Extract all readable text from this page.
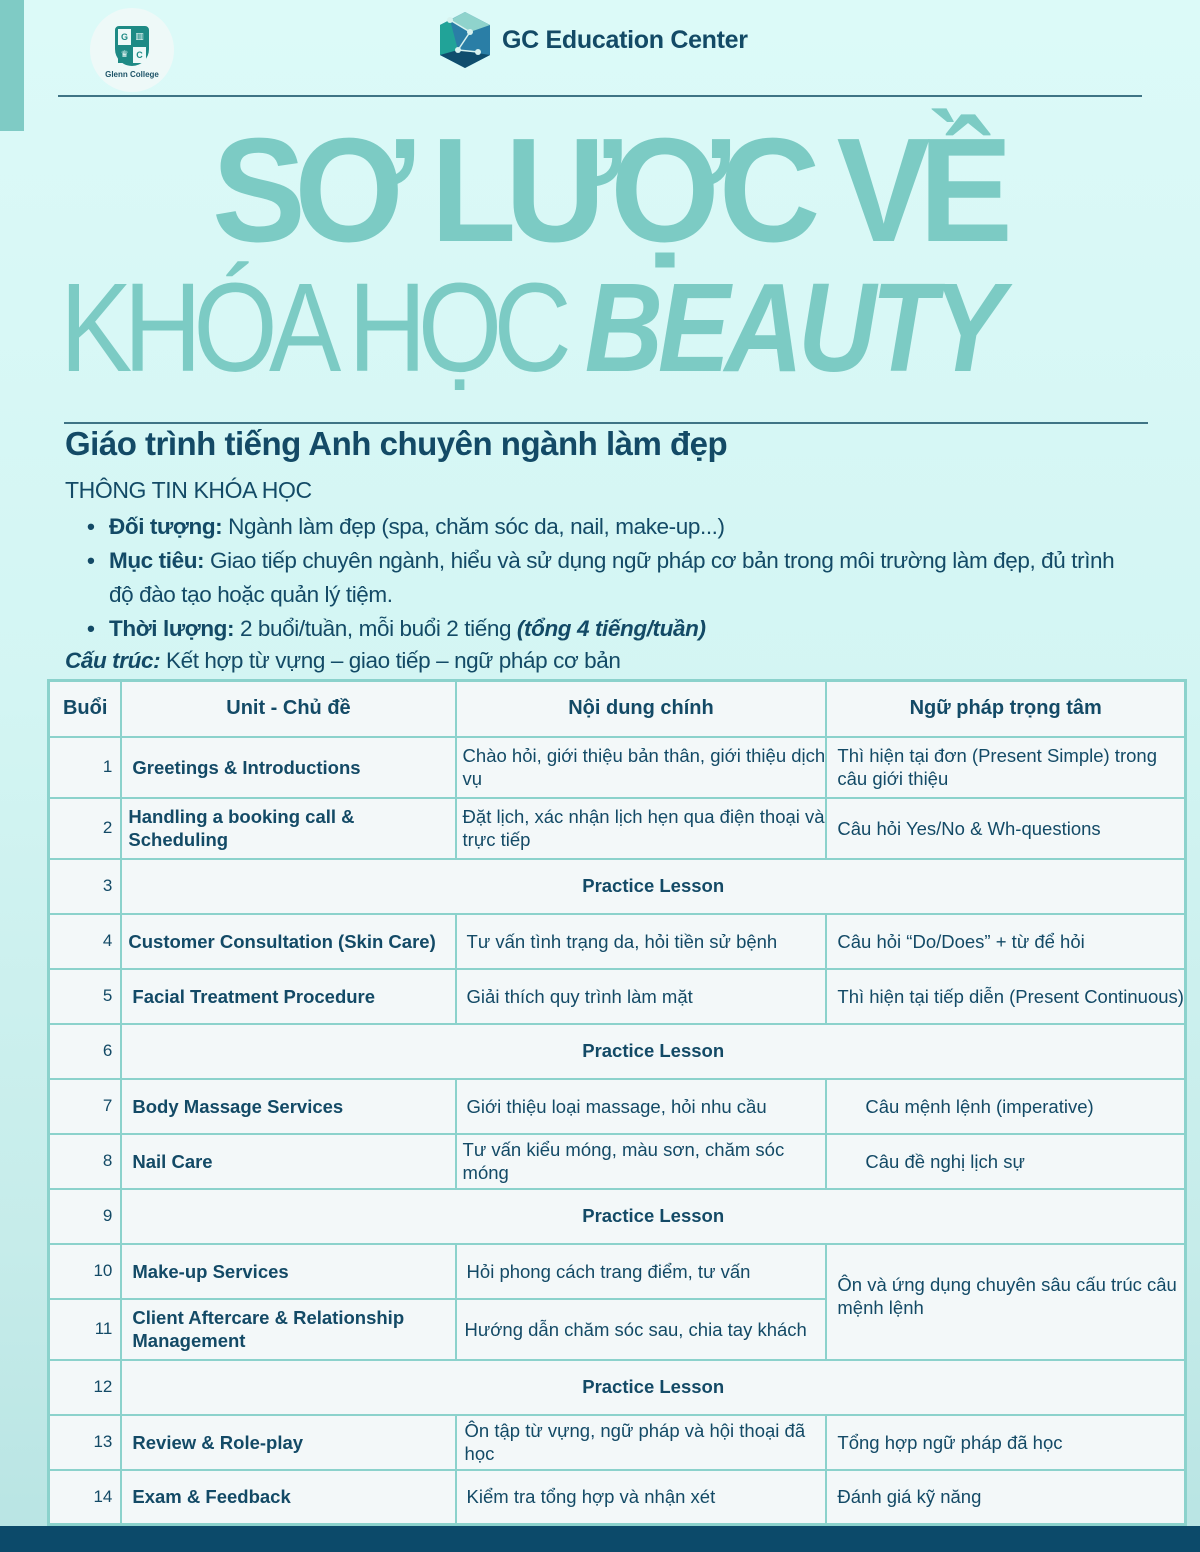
G ▥
♛ C
Glenn College
GC Education Center
SƠ LƯỢC VỀ
KHÓA HỌC BEAUTY
Giáo trình tiếng Anh chuyên ngành làm đẹp
THÔNG TIN KHÓA HỌC
• Đối tượng: Ngành làm đẹp (spa, chăm sóc da, nail, make-up...)
• Mục tiêu: Giao tiếp chuyên ngành, hiểu và sử dụng ngữ pháp cơ bản trong môi trường làm đẹp, đủ trình độ đào tạo hoặc quản lý tiệm.
• Thời lượng: 2 buổi/tuần, mỗi buổi 2 tiếng (tổng 4 tiếng/tuần)
Cấu trúc: Kết hợp từ vựng – giao tiếp – ngữ pháp cơ bản
Buổi	Unit - Chủ đề	Nội dung chính	Ngữ pháp trọng tâm
1	Greetings & Introductions	Chào hỏi, giới thiệu bản thân, giới thiệu dịch vụ	Thì hiện tại đơn (Present Simple) trong câu giới thiệu
2	Handling a booking call & Scheduling	Đặt lịch, xác nhận lịch hẹn qua điện thoại và trực tiếp	Câu hỏi Yes/No & Wh-questions
3	Practice Lesson		
4	Customer Consultation (Skin Care)	Tư vấn tình trạng da, hỏi tiền sử bệnh	Câu hỏi “Do/Does” + từ để hỏi
5	Facial Treatment Procedure	Giải thích quy trình làm mặt	Thì hiện tại tiếp diễn (Present Continuous)
6	Practice Lesson		
7	Body Massage Services	Giới thiệu loại massage, hỏi nhu cầu	Câu mệnh lệnh (imperative)
8	Nail Care	Tư vấn kiểu móng, màu sơn, chăm sóc móng	Câu đề nghị lịch sự
9	Practice Lesson		
10	Make-up Services	Hỏi phong cách trang điểm, tư vấn	Ôn và ứng dụng chuyên sâu cấu trúc câu mệnh lệnh
11	Client Aftercare & Relationship Management	Hướng dẫn chăm sóc sau, chia tay khách	
12	Practice Lesson		
13	Review & Role-play	Ôn tập từ vựng, ngữ pháp và hội thoại đã học	Tổng hợp ngữ pháp đã học
14	Exam & Feedback	Kiểm tra tổng hợp và nhận xét	Đánh giá kỹ năng
